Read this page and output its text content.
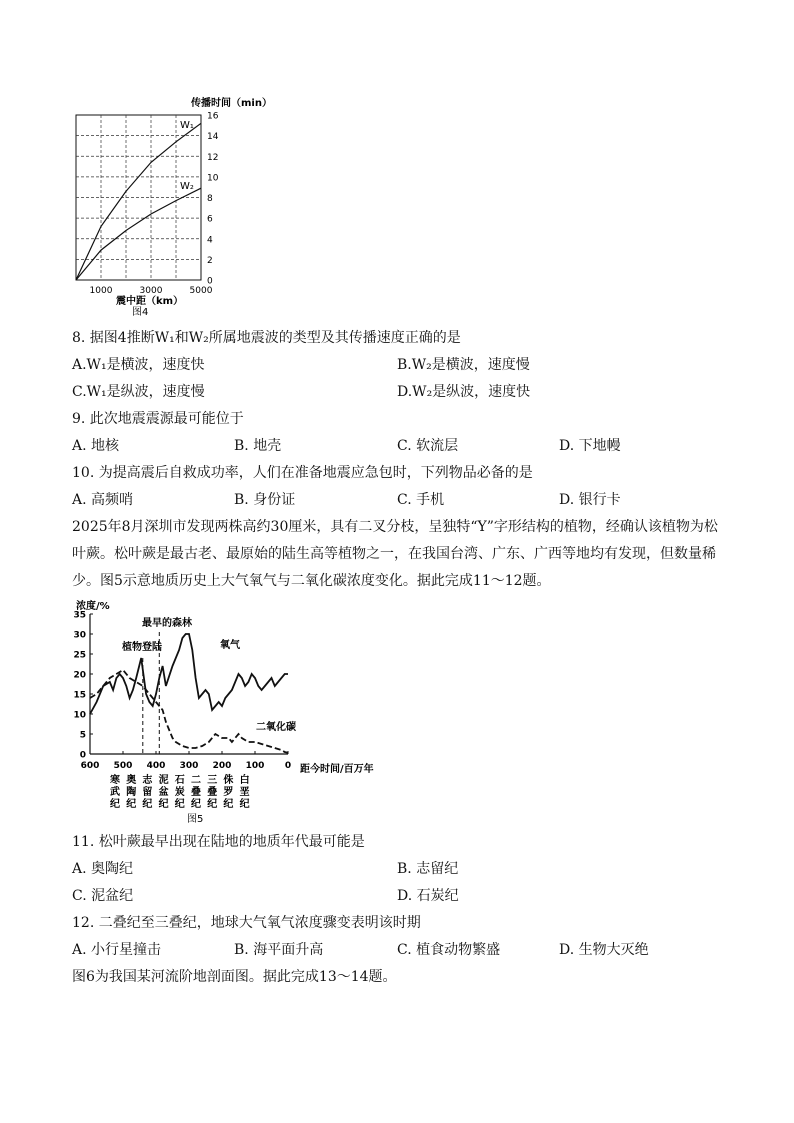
传播时间（min）
16
14
12
10
8
6
4
2
0
1000	3000	5000
W₁
W₂
震中距（km）
图4
8. 据图4推断W₁和W₂所属地震波的类型及其传播速度正确的是
A.W₁是横波，速度快	B.W₂是横波，速度慢
C.W₁是纵波，速度慢	D.W₂是纵波，速度快
9. 此次地震震源最可能位于
A. 地核	B. 地壳	C. 软流层	D. 下地幔
10. 为提高震后自救成功率，人们在准备地震应急包时，下列物品必备的是
A. 高频哨	B. 身份证	C. 手机	D. 银行卡
2025年8月深圳市发现两株高约30厘米，具有二叉分枝，呈独特“Y”字形结构的植物，经确认该植物为松叶蕨。松叶蕨是最古老、最原始的陆生高等植物之一，在我国台湾、广东、广西等地均有发现，但数量稀少。图5示意地质历史上大气氧气与二氧化碳浓度变化。据此完成11～12题。
浓度/%
最早的森林
植物登陆
35
30
25
20
15
10
5
0
600 500 400 300 200 100 0
氧气
二氧化碳
距今时间/百万年
寒
武
纪
奥
陶
纪
志
留
纪
泥
盆
纪
石
炭
纪
二
叠
纪
三
叠
纪
侏
罗
纪
白
垩
纪
图5
11. 松叶蕨最早出现在陆地的地质年代最可能是
A. 奥陶纪	B. 志留纪
C. 泥盆纪	D. 石炭纪
12. 二叠纪至三叠纪，地球大气氧气浓度骤变表明该时期
A. 小行星撞击	B. 海平面升高	C. 植食动物繁盛	D. 生物大灭绝
图6为我国某河流阶地剖面图。据此完成13～14题。
